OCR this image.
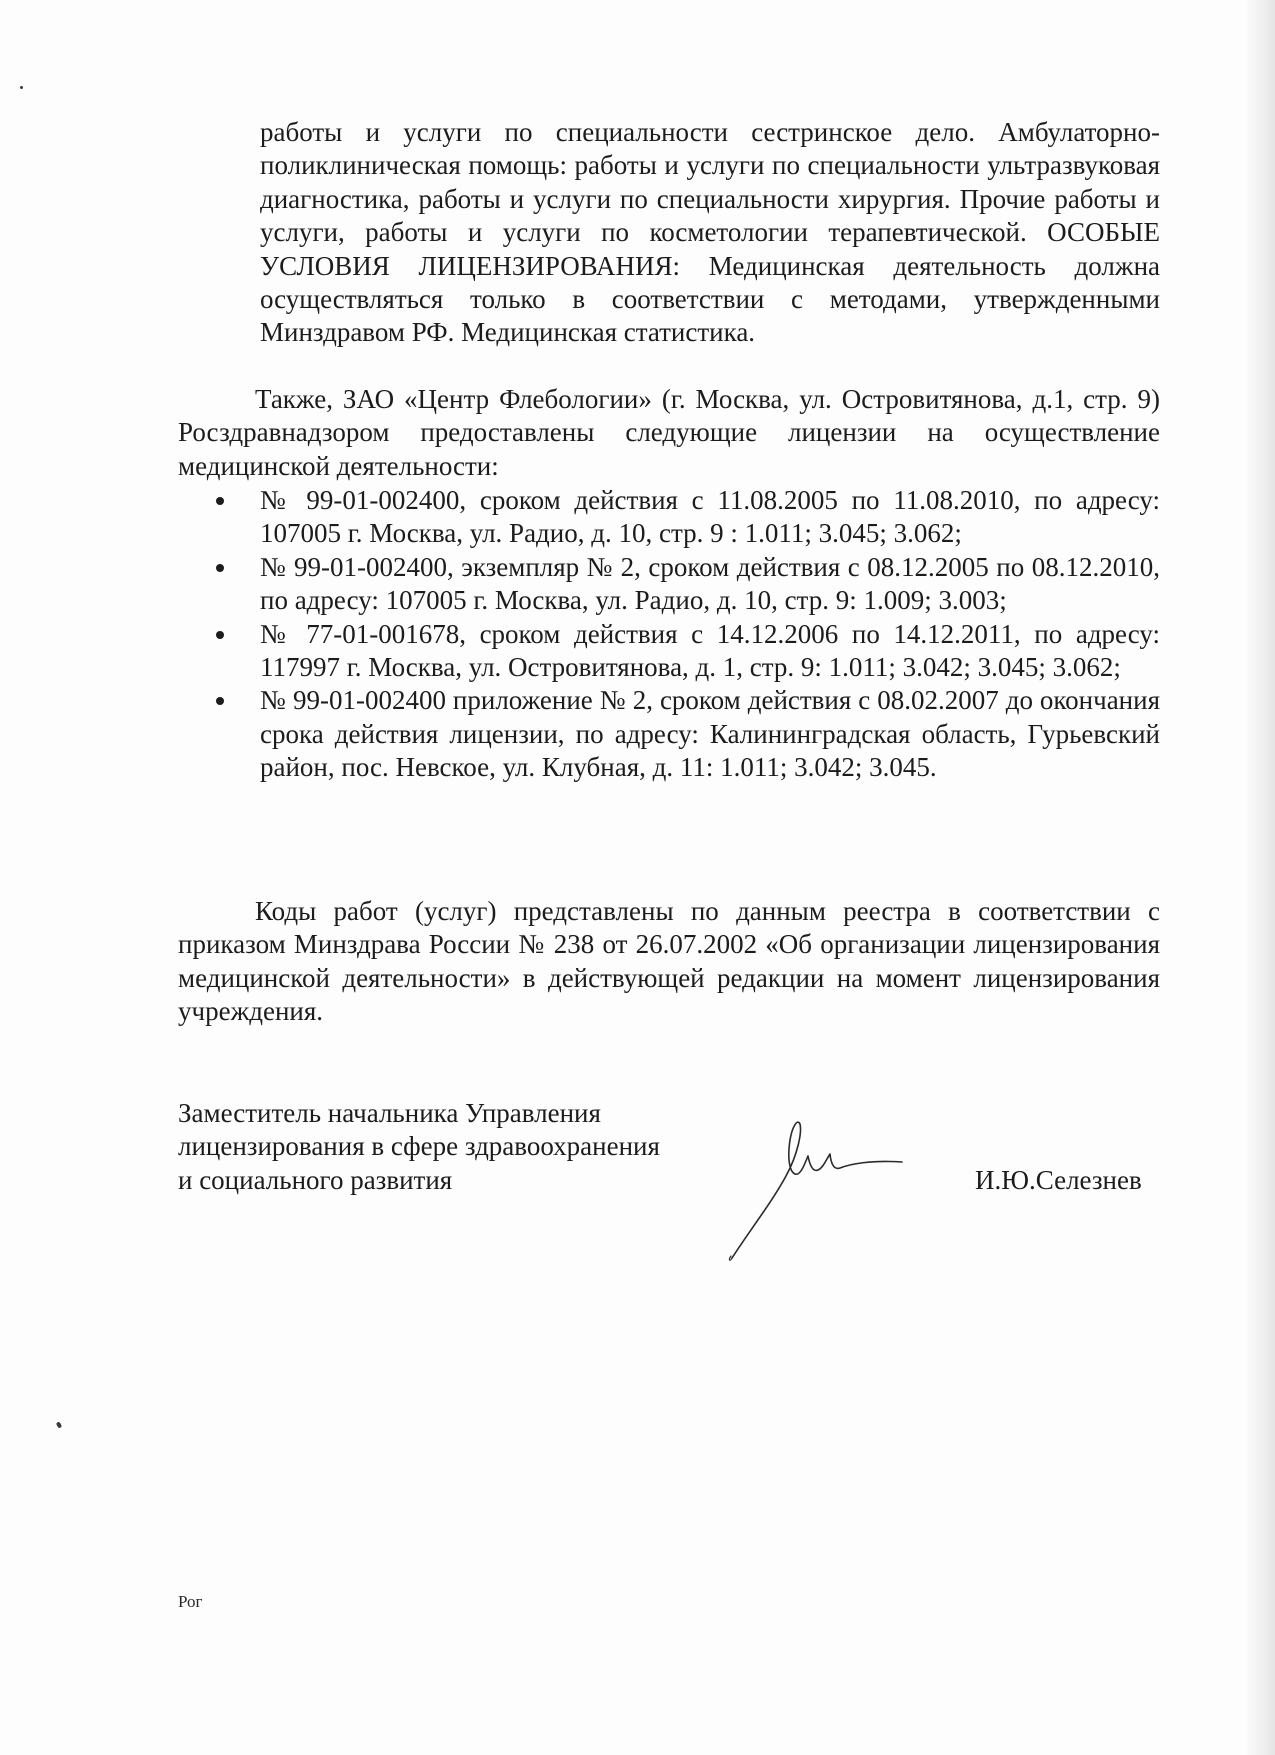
работы и услуги по специальности сестринское дело. Амбулаторно-поликлиническая помощь: работы и услуги по специальности ультразвуковая диагностика, работы и услуги по специальности хирургия. Прочие работы и услуги, работы и услуги по косметологии терапевтической. ОСОБЫЕ УСЛОВИЯ ЛИЦЕНЗИРОВАНИЯ: Медицинская деятельность должна осуществляться только в соответствии с методами, утвержденными Минздравом РФ. Медицинская статистика.
Также, ЗАО «Центр Флебологии» (г. Москва, ул. Островитянова, д.1, стр. 9) Росздравнадзором предоставлены следующие лицензии на осуществление медицинской деятельности:
№ 99-01-002400, сроком действия с 11.08.2005 по 11.08.2010, по адресу: 107005 г. Москва, ул. Радио, д. 10, стр. 9 : 1.011; 3.045; 3.062;
№ 99-01-002400, экземпляр № 2, сроком действия с 08.12.2005 по 08.12.2010, по адресу: 107005 г. Москва, ул. Радио, д. 10, стр. 9: 1.009; 3.003;
№ 77-01-001678, сроком действия с 14.12.2006 по 14.12.2011, по адресу: 117997 г. Москва, ул. Островитянова, д. 1, стр. 9: 1.011; 3.042; 3.045; 3.062;
№ 99-01-002400 приложение № 2, сроком действия с 08.02.2007 до окончания срока действия лицензии, по адресу: Калининградская область, Гурьевский район, пос. Невское, ул. Клубная, д. 11: 1.011; 3.042; 3.045.
Коды работ (услуг) представлены по данным реестра в соответствии с приказом Минздрава России № 238 от 26.07.2002 «Об организации лицензирования медицинской деятельности» в действующей редакции на момент лицензирования учреждения.
Заместитель начальника Управления
лицензирования в сфере здравоохранения
и социального развития	И.Ю.Селезнев
Рог
